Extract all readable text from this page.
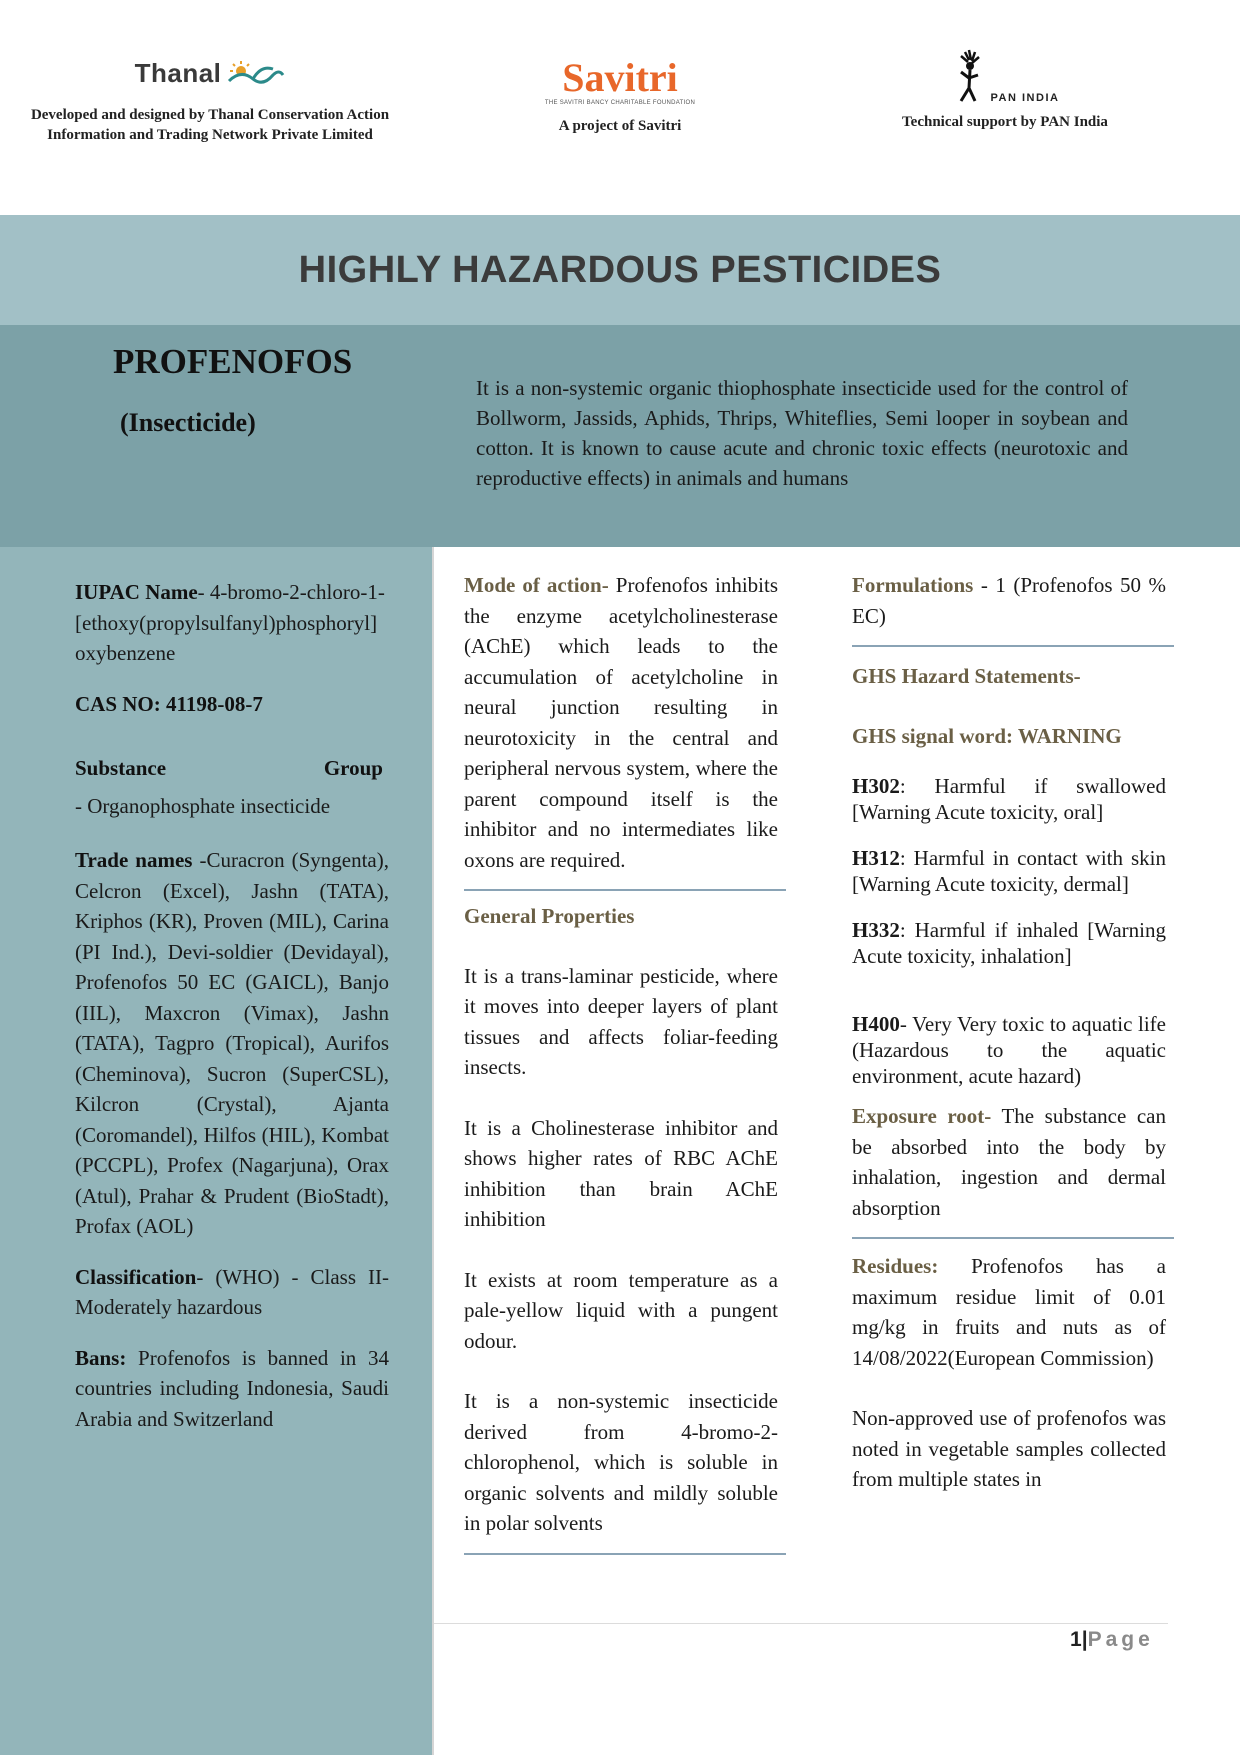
Thanal
Developed and designed by Thanal Conservation Action Information and Trading Network Private Limited
Savitri
THE SAVITRI BANCY CHARITABLE FOUNDATION
A project of Savitri
PAN INDIA
Technical support by PAN India
HIGHLY HAZARDOUS PESTICIDES
PROFENOFOS
(Insecticide)
It is a non-systemic organic thiophosphate insecticide used for the control of Bollworm, Jassids, Aphids, Thrips, Whiteflies, Semi looper in soybean and cotton. It is known to cause acute and chronic toxic effects (neurotoxic and reproductive effects) in animals and humans

IUPAC Name- 4-bromo-2-chloro-1-[ethoxy(propylsulfanyl)phosphoryl] oxybenzene

CAS NO: 41198-08-7

Substance Group
- Organophosphate insecticide

Trade names -Curacron (Syngenta), Celcron (Excel), Jashn (TATA), Kriphos (KR), Proven (MIL), Carina (PI Ind.), Devi-soldier (Devidayal), Profenofos 50 EC (GAICL), Banjo (IIL), Maxcron (Vimax), Jashn (TATA), Tagpro (Tropical), Aurifos (Cheminova), Sucron (SuperCSL), Kilcron (Crystal), Ajanta (Coromandel), Hilfos (HIL), Kombat (PCCPL), Profex (Nagarjuna), Orax (Atul), Prahar & Prudent (BioStadt), Profax (AOL)

Classification- (WHO) - Class II- Moderately hazardous

Bans: Profenofos is banned in 34 countries including Indonesia, Saudi Arabia and Switzerland

Mode of action- Profenofos inhibits the enzyme acetylcholinesterase (AChE) which leads to the accumulation of acetylcholine in neural junction resulting in neurotoxicity in the central and peripheral nervous system, where the parent compound itself is the inhibitor and no intermediates like oxons are required.

General Properties

It is a trans-laminar pesticide, where it moves into deeper layers of plant tissues and affects foliar-feeding insects.

It is a Cholinesterase inhibitor and shows higher rates of RBC AChE inhibition than brain AChE inhibition

It exists at room temperature as a pale-yellow liquid with a pungent odour.

It is a non-systemic insecticide derived from 4-bromo-2-chlorophenol, which is soluble in organic solvents and mildly soluble in polar solvents

Formulations - 1 (Profenofos 50 % EC)

GHS Hazard Statements-

GHS signal word: WARNING

H302: Harmful if swallowed [Warning Acute toxicity, oral]

H312: Harmful in contact with skin [Warning Acute toxicity, dermal]

H332: Harmful if inhaled [Warning Acute toxicity, inhalation]

H400- Very Very toxic to aquatic life (Hazardous to the aquatic environment, acute hazard)

Exposure root- The substance can be absorbed into the body by inhalation, ingestion and dermal absorption

Residues: Profenofos has a maximum residue limit of 0.01 mg/kg in fruits and nuts as of 14/08/2022(European Commission)

Non-approved use of profenofos was noted in vegetable samples collected from multiple states in

1|Page
